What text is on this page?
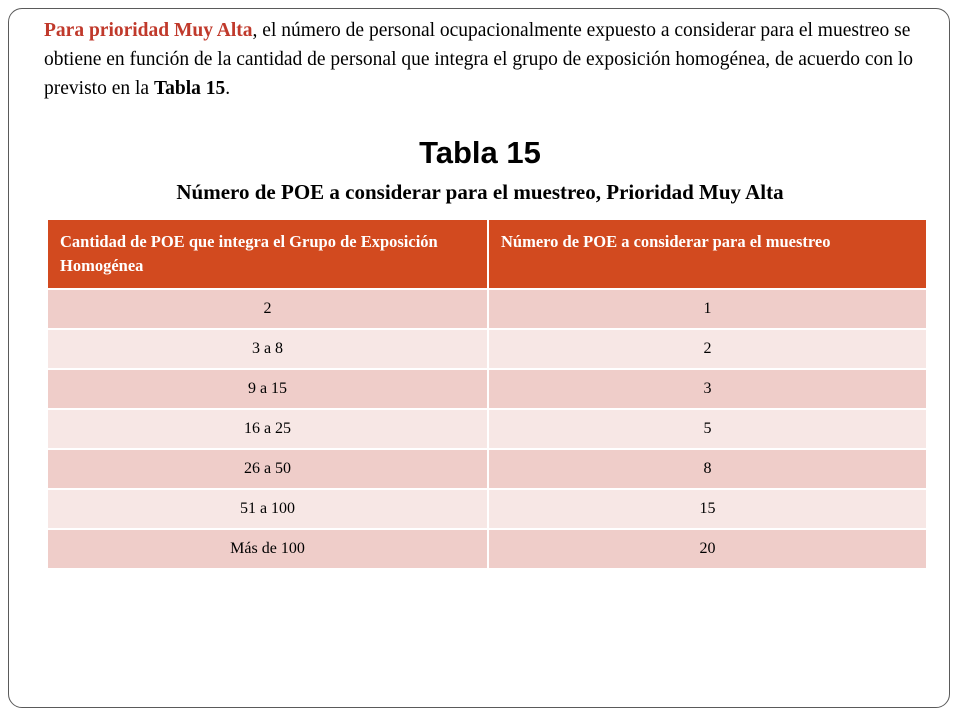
Para prioridad Muy Alta, el número de personal ocupacionalmente expuesto a considerar para el muestreo se obtiene en función de la cantidad de personal que integra el grupo de exposición homogénea, de acuerdo con lo previsto en la Tabla 15.

Tabla 15
Número de POE a considerar para el muestreo, Prioridad Muy Alta
Cantidad de POE que integra el Grupo de Exposición Homogénea	Número de POE a considerar para el muestreo
2	1
3 a 8	2
9 a 15	3
16 a 25	5
26 a 50	8
51 a 100	15
Más de 100	20
